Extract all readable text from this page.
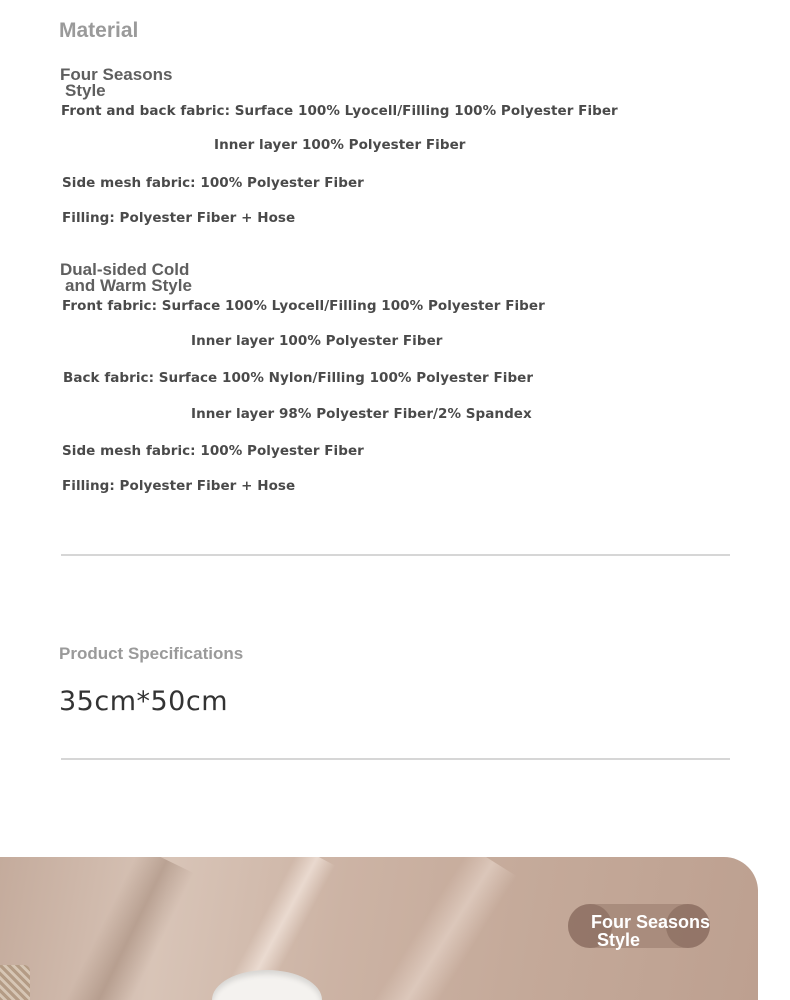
Material
Four Seasons
Style
Front and back fabric: Surface 100% Lyocell/Filling 100% Polyester Fiber
Inner layer 100% Polyester Fiber
Side mesh fabric: 100% Polyester Fiber
Filling: Polyester Fiber + Hose
Dual-sided Cold
and Warm Style
Front fabric: Surface 100% Lyocell/Filling 100% Polyester Fiber
Inner layer 100% Polyester Fiber
Back fabric: Surface 100% Nylon/Filling 100% Polyester Fiber
Inner layer 98% Polyester Fiber/2% Spandex
Side mesh fabric: 100% Polyester Fiber
Filling: Polyester Fiber + Hose
Product Specifications
35cm*50cm
Four Seasons
Style
